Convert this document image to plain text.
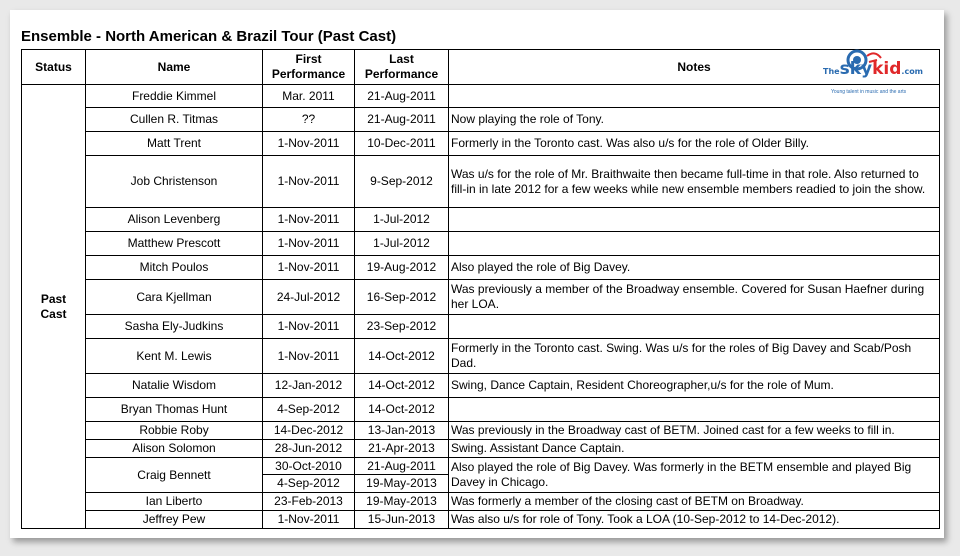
Ensemble - North American & Brazil Tour (Past Cast)
Status	Name	First Performance	Last Performance	Notes Theskykid.com
Young talent in music and the arts

Past Cast	Freddie Kimmel	Mar. 2011	21-Aug-2011	
	Cullen R. Titmas	??	21-Aug-2011	Now playing the role of Tony.
	Matt Trent	1-Nov-2011	10-Dec-2011	Formerly in the Toronto cast. Was also u/s for the role of Older Billy.
	Job Christenson	1-Nov-2011	9-Sep-2012	Was u/s for the role of Mr. Braithwaite then became full-time in that role. Also returned to fill-in in late 2012 for a few weeks while new ensemble members readied to join the show.
	Alison Levenberg	1-Nov-2011	1-Jul-2012	
	Matthew Prescott	1-Nov-2011	1-Jul-2012	
	Mitch Poulos	1-Nov-2011	19-Aug-2012	Also played the role of Big Davey.
	Cara Kjellman	24-Jul-2012	16-Sep-2012	Was previously a member of the Broadway ensemble. Covered for Susan Haefner during her LOA.
	Sasha Ely-Judkins	1-Nov-2011	23-Sep-2012	
	Kent M. Lewis	1-Nov-2011	14-Oct-2012	Formerly in the Toronto cast. Swing. Was u/s for the roles of Big Davey and Scab/Posh Dad.
	Natalie Wisdom	12-Jan-2012	14-Oct-2012	Swing, Dance Captain, Resident Choreographer,u/s for the role of Mum.
	Bryan Thomas Hunt	4-Sep-2012	14-Oct-2012	
	Robbie Roby	14-Dec-2012	13-Jan-2013	Was previously in the Broadway cast of BETM. Joined cast for a few weeks to fill in.
	Alison Solomon	28-Jun-2012	21-Apr-2013	Swing. Assistant Dance Captain.
	Craig Bennett	30-Oct-2010	21-Aug-2011	Also played the role of Big Davey. Was formerly in the BETM ensemble and played Big Davey in Chicago.
		4-Sep-2012	19-May-2013	
	Ian Liberto	23-Feb-2013	19-May-2013	Was formerly a member of the closing cast of BETM on Broadway.
	Jeffrey Pew	1-Nov-2011	15-Jun-2013	Was also u/s for role of Tony. Took a LOA (10-Sep-2012 to 14-Dec-2012).
